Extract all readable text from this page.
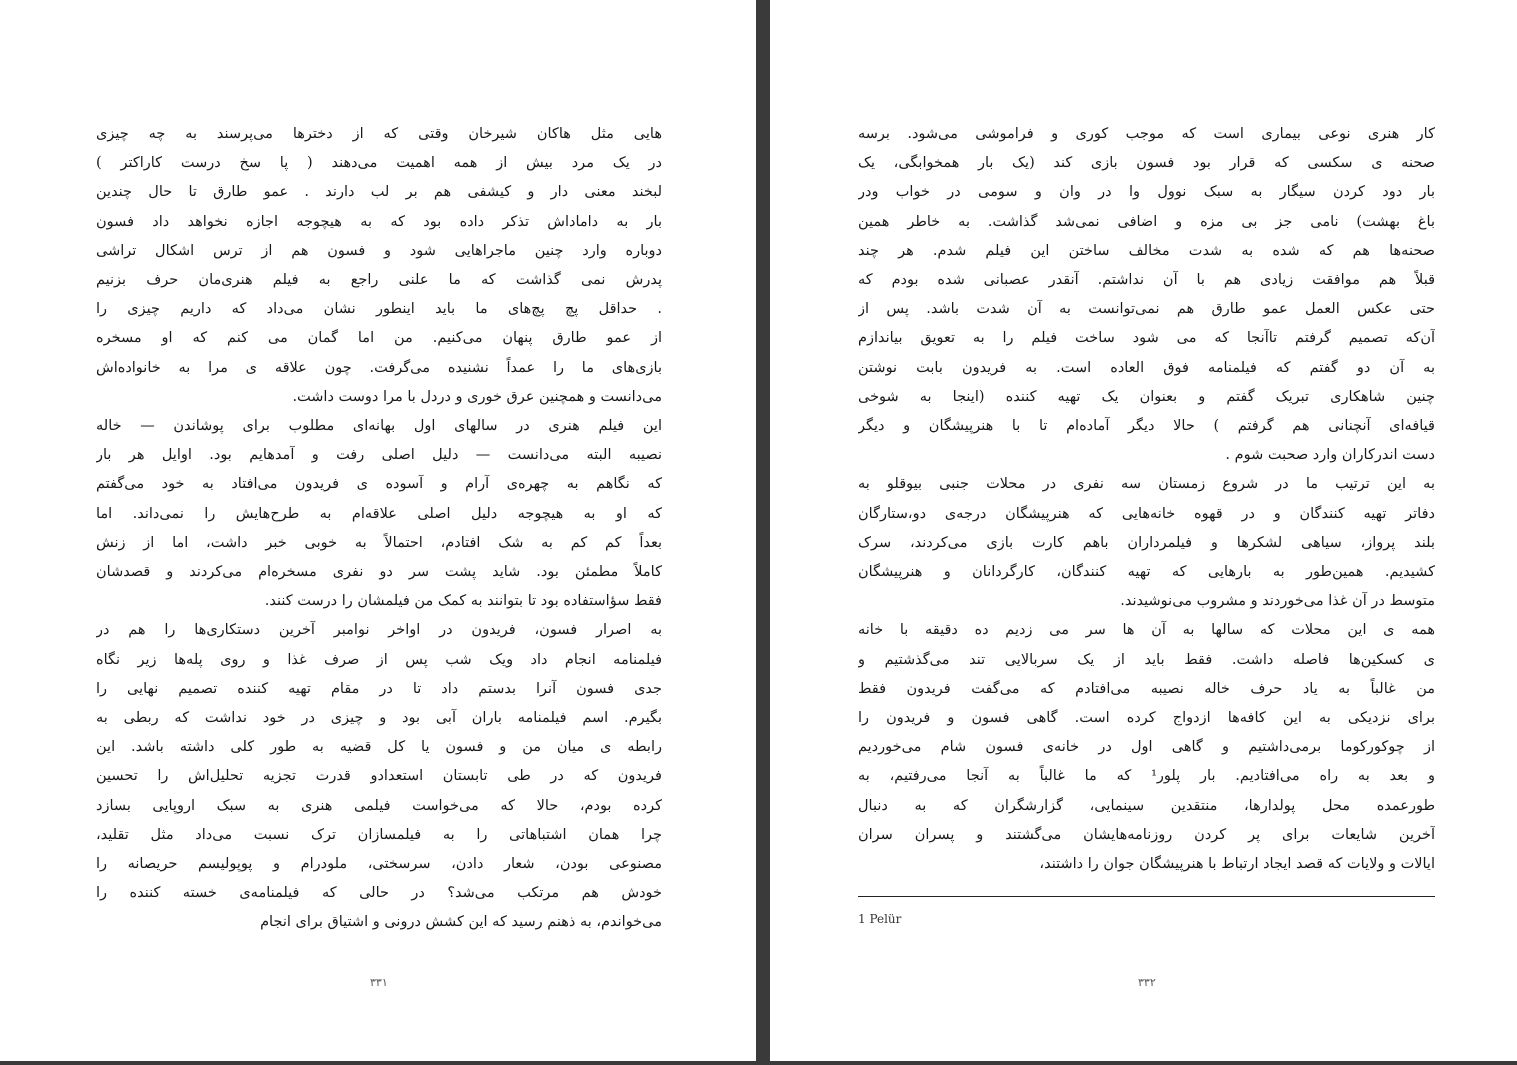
هایی مثل هاکان شیرخان وقتی که از دخترها می‌پرسند به چه چیزی
در یک مرد بیش از همه اهمیت می‌دهند ( پا سخ درست کاراکتر )
لبخند معنی دار و کیشفی هم بر لب دارند . عمو طارق تا حال چندین
بار به داماداش تذکر داده بود که به هیچوجه اجازه نخواهد داد فسون
دوباره وارد چنین ماجراهایی شود و فسون هم از ترس اشکال تراشی
پدرش نمی گذاشت که ما علنی راجع به فیلم هنری‌مان حرف بزنیم
. حداقل پچ پچ‌های ما باید اینطور نشان می‌داد که داریم چیزی را
از عمو طارق پنهان می‌کنیم. من اما گمان می کنم که او مسخره
بازی‌های ما را عمداً نشنیده می‌گرفت. چون علاقه ی مرا به خانواده‌اش
می‌دانست و همچنین عرق خوری و دردل با مرا دوست داشت.
این فیلم هنری در سالهای اول بهانه‌ای مطلوب برای پوشاندن — خاله
نصیبه البته می‌دانست — دلیل اصلی رفت و آمدهایم بود. اوایل هر بار
که نگاهم به چهره‌ی آرام و آسوده ی فریدون می‌افتاد به خود می‌گفتم
که او به هیچوجه دلیل اصلی علاقه‌ام به طرح‌هایش را نمی‌داند. اما
بعداً کم کم به شک افتادم، احتمالاً به خوبی خبر داشت، اما از زنش
کاملاً مطمئن بود. شاید پشت سر دو نفری مسخره‌ام می‌کردند و قصدشان
فقط سؤاستفاده بود تا بتوانند به کمک من فیلمشان را درست کنند.
به اصرار فسون، فریدون در اواخر نوامبر آخرین دستکاری‌ها را هم در
فیلمنامه انجام داد ویک شب پس از صرف غذا و روی پله‌ها زیر نگاه
جدی فسون آنرا بدستم داد تا در مقام تهیه کننده تصمیم نهایی را
بگیرم. اسم فیلمنامه باران آبی بود و چیزی در خود نداشت که ربطی به
رابطه ی میان من و فسون یا کل قضیه به طور کلی داشته باشد. این
فریدون که در طی تابستان استعدادو قدرت تجزیه تحلیل‌اش را تحسین
کرده بودم، حالا که می‌خواست فیلمی هنری به سبک اروپایی بسازد
چرا همان اشتباهاتی را به فیلمسازان ترک نسبت می‌داد مثل تقلید،
مصنوعی بودن، شعار دادن، سرسختی، ملودرام و پوپولیسم حریصانه را
خودش هم مرتکب می‌شد؟ در حالی که فیلمنامه‌ی خسته کننده را
می‌خواندم، به ذهنم رسید که این کشش درونی و اشتیاق برای انجام
۳۳۱
کار هنری نوعی بیماری است که موجب کوری و فراموشی می‌شود. برسه
صحنه ی سکسی که قرار بود فسون بازی کند (یک بار همخوابگی، یک
بار دود کردن سیگار به سبک نوول وا در وان و سومی در خواب ودر
باغ بهشت) نامی جز بی مزه و اضافی نمی‌شد گذاشت. به خاطر همین
صحنه‌ها هم که شده به شدت مخالف ساختن این فیلم شدم. هر چند
قبلاً هم موافقت زیادی هم با آن نداشتم. آنقدر عصبانی شده بودم که
حتی عکس العمل عمو طارق هم نمی‌توانست به آن شدت باشد. پس از
آن‌که تصمیم گرفتم تاآنجا که می شود ساخت فیلم را به تعویق بیاندازم
به آن دو گفتم که فیلمنامه فوق العاده است. به فریدون بابت نوشتن
چنین شاهکاری تبریک گفتم و بعنوان یک تهیه کننده (اینجا به شوخی
قیافه‌ای آنچنانی هم گرفتم ) حالا دیگر آماده‌ام تا با هنرپیشگان و دیگر
دست اندرکاران وارد صحبت شوم .
به این ترتیب ما در شروع زمستان سه نفری در محلات جنبی بیوقلو به
دفاتر تهیه کنندگان و در قهوه خانه‌هایی که هنرپیشگان درجه‌ی دو،ستارگان
بلند پرواز، سیاهی لشکرها و فیلمرداران باهم کارت بازی می‌کردند، سرک
کشیدیم. همین‌طور به بارهایی که تهیه کنندگان، کارگردانان و هنرپیشگان
متوسط در آن غذا می‌خوردند و مشروب می‌نوشیدند.
همه ی این محلات که سالها به آن ها سر می زدیم ده دقیقه با خانه
ی کسکین‌ها فاصله داشت. فقط باید از یک سربالایی تند می‌گذشتیم و
من غالباً به یاد حرف خاله نصیبه می‌افتادم که می‌گفت فریدون فقط
برای نزدیکی به این کافه‌ها ازدواج کرده است. گاهی فسون و فریدون را
از چوکورکوما برمی‌داشتیم و گاهی اول در خانه‌ی فسون شام می‌خوردیم
و بعد به راه می‌افتادیم. بار پلور¹ که ما غالباً به آنجا می‌رفتیم، به
طورعمده محل پولدارها، منتقدین سینمایی، گزارشگران که به دنبال
آخرین شایعات برای پر کردن روزنامه‌هایشان می‌گشتند و پسران سران
ایالات و ولایات که قصد ایجاد ارتباط با هنرپیشگان جوان را داشتند،
1 Pelür
۳۳۲
